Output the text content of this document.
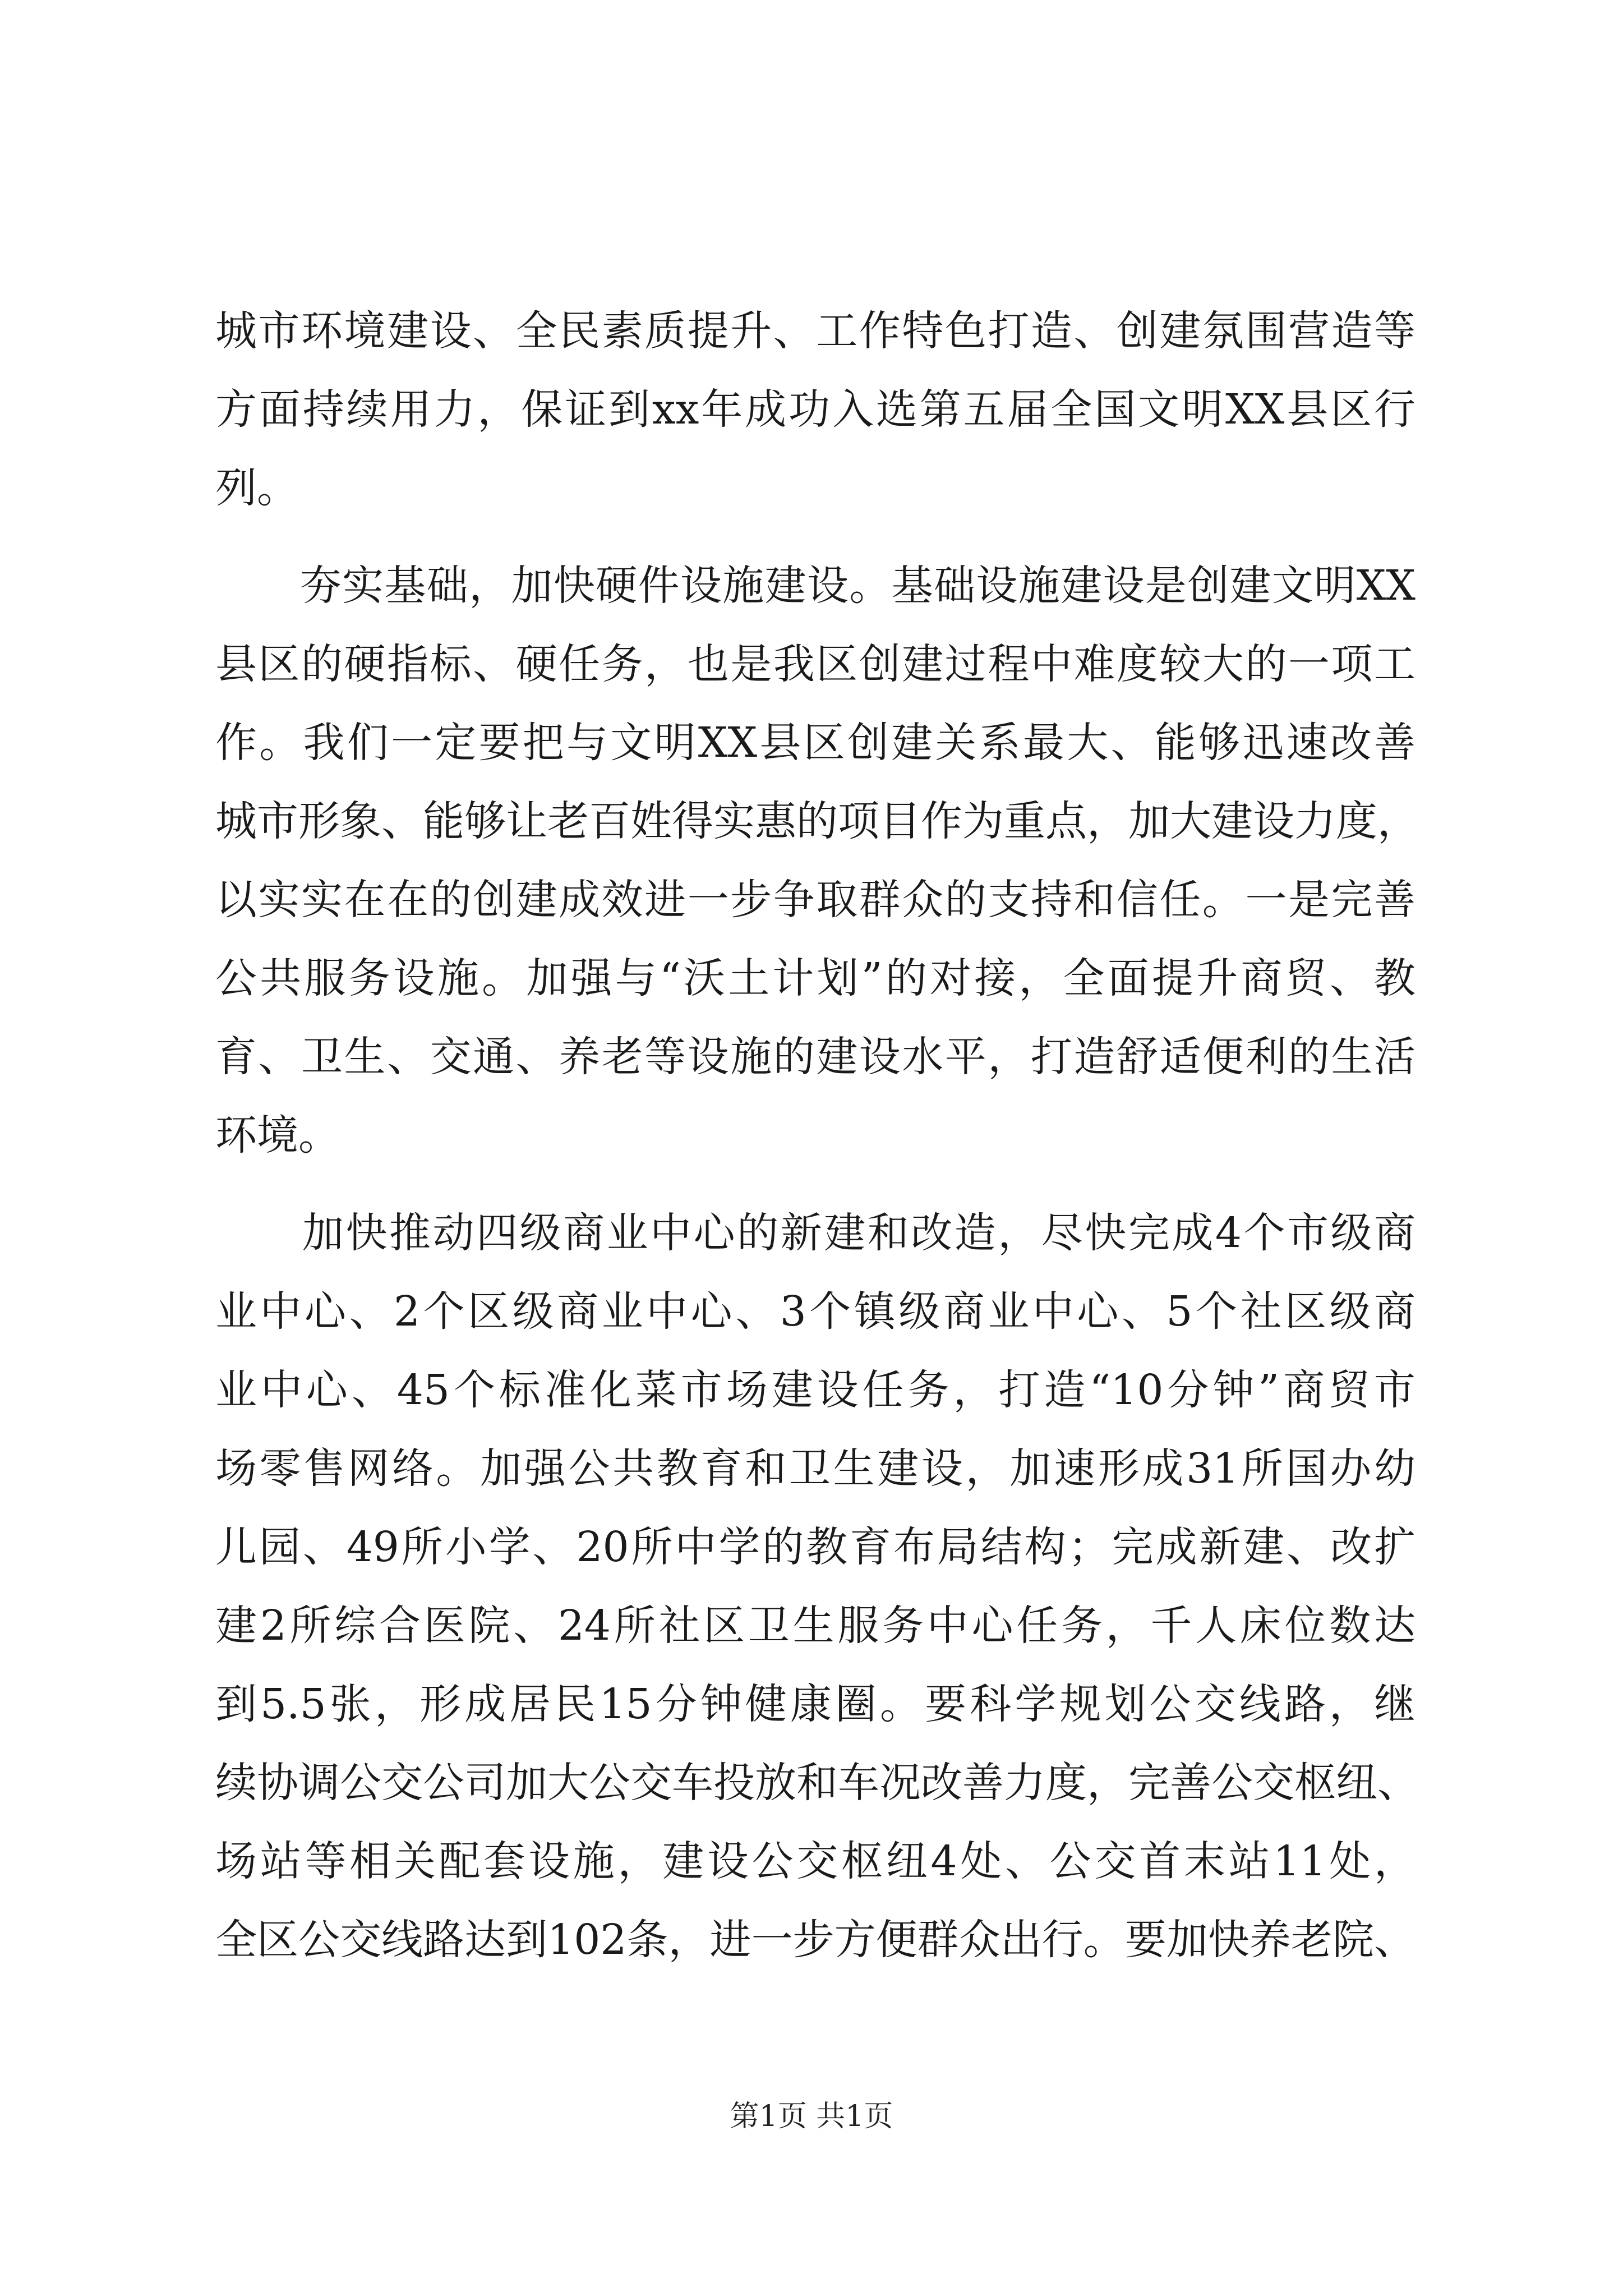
城市环境建设、全民素质提升、工作特色打造、创建氛围营造等
方面持续用力，保证到xx年成功入选第五届全国文明XX县区行
列。
　　夯实基础，加快硬件设施建设。基础设施建设是创建文明XX
县区的硬指标、硬任务，也是我区创建过程中难度较大的一项工
作。我们一定要把与文明XX县区创建关系最大、能够迅速改善
城市形象、能够让老百姓得实惠的项目作为重点，加大建设力度，
以实实在在的创建成效进一步争取群众的支持和信任。一是完善
公共服务设施。加强与“沃土计划”的对接，全面提升商贸、教
育、卫生、交通、养老等设施的建设水平，打造舒适便利的生活
环境。
　　加快推动四级商业中心的新建和改造，尽快完成4个市级商
业中心、2个区级商业中心、3个镇级商业中心、5个社区级商
业中心、45个标准化菜市场建设任务，打造“10分钟”商贸市
场零售网络。加强公共教育和卫生建设，加速形成31所国办幼
儿园、49所小学、20所中学的教育布局结构；完成新建、改扩
建2所综合医院、24所社区卫生服务中心任务，千人床位数达
到5.5张，形成居民15分钟健康圈。要科学规划公交线路，继
续协调公交公司加大公交车投放和车况改善力度，完善公交枢纽、
场站等相关配套设施，建设公交枢纽4处、公交首末站11处，
全区公交线路达到102条，进一步方便群众出行。要加快养老院、
第1页 共1页
